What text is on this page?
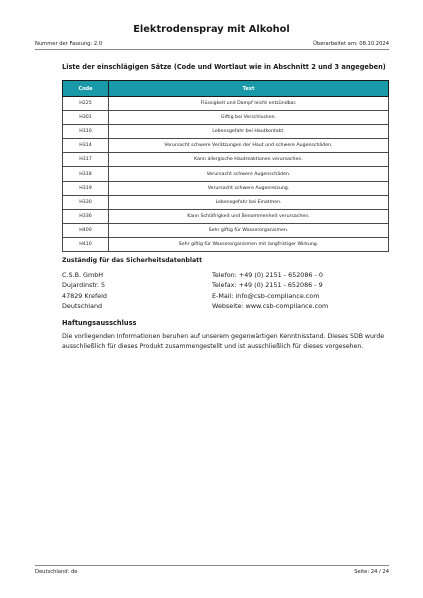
Elektrodenspray mit Alkohol
Nummer der Fassung: 2.0	Überarbeitet am: 08.10.2024
Liste der einschlägigen Sätze (Code und Wortlaut wie in Abschnitt 2 und 3 angegeben)
Code	Text
H225	Flüssigkeit und Dampf leicht entzündbar.
H301	Giftig bei Verschlucken.
H310	Lebensgefahr bei Hautkontakt.
H314	Verursacht schwere Verätzungen der Haut und schwere Augenschäden.
H317	Kann allergische Hautreaktionen verursachen.
H318	Verursacht schwere Augenschäden.
H319	Verursacht schwere Augenreizung.
H330	Lebensgefahr bei Einatmen.
H336	Kann Schläfrigkeit und Benommenheit verursachen.
H400	Sehr giftig für Wasserorganismen.
H410	Sehr giftig für Wasserorganismen mit langfristiger Wirkung.
Zuständig für das Sicherheitsdatenblatt
C.S.B. GmbH
Dujardinstr. 5
47829 Krefeld
Deutschland
Telefon: +49 (0) 2151 - 652086 - 0
Telefax: +49 (0) 2151 - 652086 - 9
E-Mail: info@csb-compliance.com
Webseite: www.csb-compliance.com
Haftungsausschluss
Die vorliegenden Informationen beruhen auf unserem gegenwärtigen Kenntnisstand. Dieses SDB wurde ausschließlich für dieses Produkt zusammengestellt und ist ausschließlich für dieses vorgesehen.
Deutschland: de	Seite: 24 / 24
